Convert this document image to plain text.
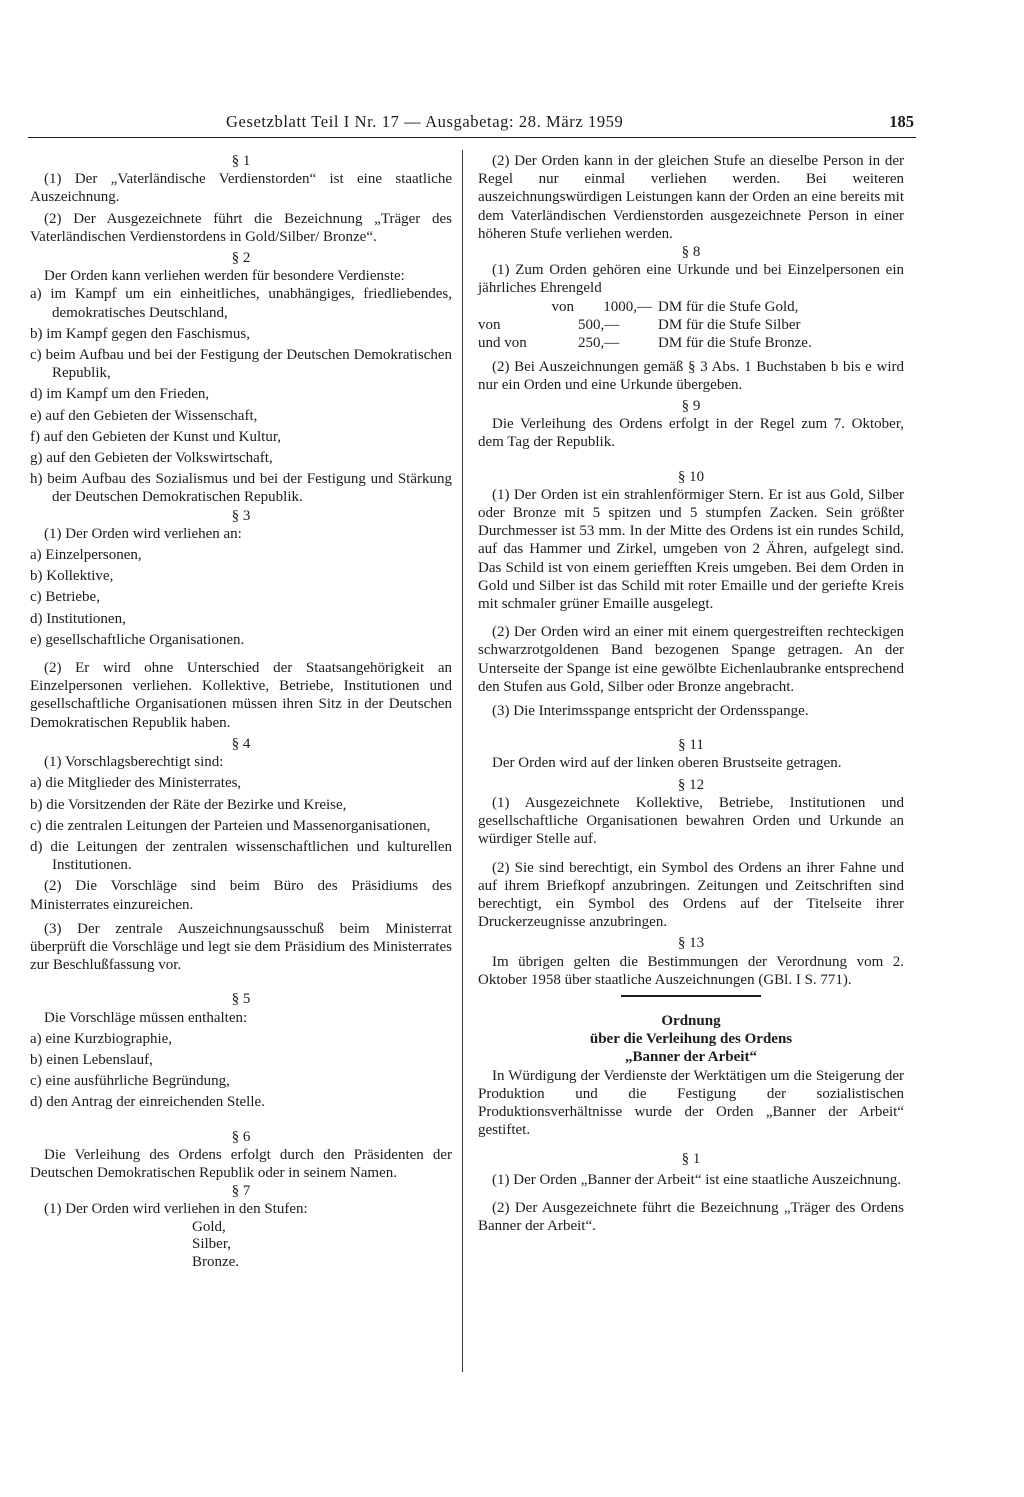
Gesetzblatt Teil I Nr. 17 — Ausgabetag: 28. März 1959	185

§ 1

(1) Der „Vaterländische Verdienstorden“ ist eine staatliche Auszeichnung.

(2) Der Ausgezeichnete führt die Bezeichnung „Träger des Vaterländischen Verdienstordens in Gold/Silber/ Bronze“.

§ 2

Der Orden kann verliehen werden für besondere Verdienste:

a) im Kampf um ein einheitliches, unabhängiges, friedliebendes, demokratisches Deutschland,
b) im Kampf gegen den Faschismus,
c) beim Aufbau und bei der Festigung der Deutschen Demokratischen Republik,
d) im Kampf um den Frieden,
e) auf den Gebieten der Wissenschaft,
f) auf den Gebieten der Kunst und Kultur,
g) auf den Gebieten der Volkswirtschaft,
h) beim Aufbau des Sozialismus und bei der Festigung und Stärkung der Deutschen Demokratischen Republik.

§ 3

(1) Der Orden wird verliehen an:

a) Einzelpersonen,
b) Kollektive,
c) Betriebe,
d) Institutionen,
e) gesellschaftliche Organisationen.

(2) Er wird ohne Unterschied der Staatsangehörigkeit an Einzelpersonen verliehen. Kollektive, Betriebe, Institutionen und gesellschaftliche Organisationen müssen ihren Sitz in der Deutschen Demokratischen Republik haben.

§ 4

(1) Vorschlagsberechtigt sind:

a) die Mitglieder des Ministerrates,
b) die Vorsitzenden der Räte der Bezirke und Kreise,
c) die zentralen Leitungen der Parteien und Massenorganisationen,
d) die Leitungen der zentralen wissenschaftlichen und kulturellen Institutionen.

(2) Die Vorschläge sind beim Büro des Präsidiums des Ministerrates einzureichen.

(3) Der zentrale Auszeichnungsausschuß beim Ministerrat überprüft die Vorschläge und legt sie dem Präsidium des Ministerrates zur Beschlußfassung vor.

§ 5

Die Vorschläge müssen enthalten:

a) eine Kurzbiographie,
b) einen Lebenslauf,
c) eine ausführliche Begründung,
d) den Antrag der einreichenden Stelle.

§ 6

Die Verleihung des Ordens erfolgt durch den Präsidenten der Deutschen Demokratischen Republik oder in seinem Namen.

§ 7

(1) Der Orden wird verliehen in den Stufen:

Gold,
Silber,
Bronze.

(2) Der Orden kann in der gleichen Stufe an dieselbe Person in der Regel nur einmal verliehen werden. Bei weiteren auszeichnungswürdigen Leistungen kann der Orden an eine bereits mit dem Vaterländischen Verdienstorden ausgezeichnete Person in einer höheren Stufe verliehen werden.

§ 8

(1) Zum Orden gehören eine Urkunde und bei Einzelpersonen ein jährliches Ehrengeld

von	1000,— DM für die Stufe Gold,
von	500,—	DM für die Stufe Silber
und von	250,—	DM für die Stufe Bronze.

(2) Bei Auszeichnungen gemäß § 3 Abs. 1 Buchstaben b bis e wird nur ein Orden und eine Urkunde übergeben.

§ 9

Die Verleihung des Ordens erfolgt in der Regel zum 7. Oktober, dem Tag der Republik.

§ 10

(1) Der Orden ist ein strahlenförmiger Stern. Er ist aus Gold, Silber oder Bronze mit 5 spitzen und 5 stumpfen Zacken. Sein größter Durchmesser ist 53 mm. In der Mitte des Ordens ist ein rundes Schild, auf das Hammer und Zirkel, umgeben von 2 Ähren, aufgelegt sind. Das Schild ist von einem geriefften Kreis umgeben. Bei dem Orden in Gold und Silber ist das Schild mit roter Emaille und der geriefte Kreis mit schmaler grüner Emaille ausgelegt.

(2) Der Orden wird an einer mit einem quergestreiften rechteckigen schwarzrotgoldenen Band bezogenen Spange getragen. An der Unterseite der Spange ist eine gewölbte Eichenlaubranke entsprechend den Stufen aus Gold, Silber oder Bronze angebracht.

(3) Die Interimsspange entspricht der Ordensspange.

§ 11

Der Orden wird auf der linken oberen Brustseite getragen.

§ 12

(1) Ausgezeichnete Kollektive, Betriebe, Institutionen und gesellschaftliche Organisationen bewahren Orden und Urkunde an würdiger Stelle auf.

(2) Sie sind berechtigt, ein Symbol des Ordens an ihrer Fahne und auf ihrem Briefkopf anzubringen. Zeitungen und Zeitschriften sind berechtigt, ein Symbol des Ordens auf der Titelseite ihrer Druckerzeugnisse anzubringen.

§ 13

Im übrigen gelten die Bestimmungen der Verordnung vom 2. Oktober 1958 über staatliche Auszeichnungen (GBl. I S. 771).

Ordnung
über die Verleihung des Ordens
„Banner der Arbeit“

In Würdigung der Verdienste der Werktätigen um die Steigerung der Produktion und die Festigung der sozialistischen Produktionsverhältnisse wurde der Orden „Banner der Arbeit“ gestiftet.

§ 1

(1) Der Orden „Banner der Arbeit“ ist eine staatliche Auszeichnung.

(2) Der Ausgezeichnete führt die Bezeichnung „Träger des Ordens Banner der Arbeit“.
